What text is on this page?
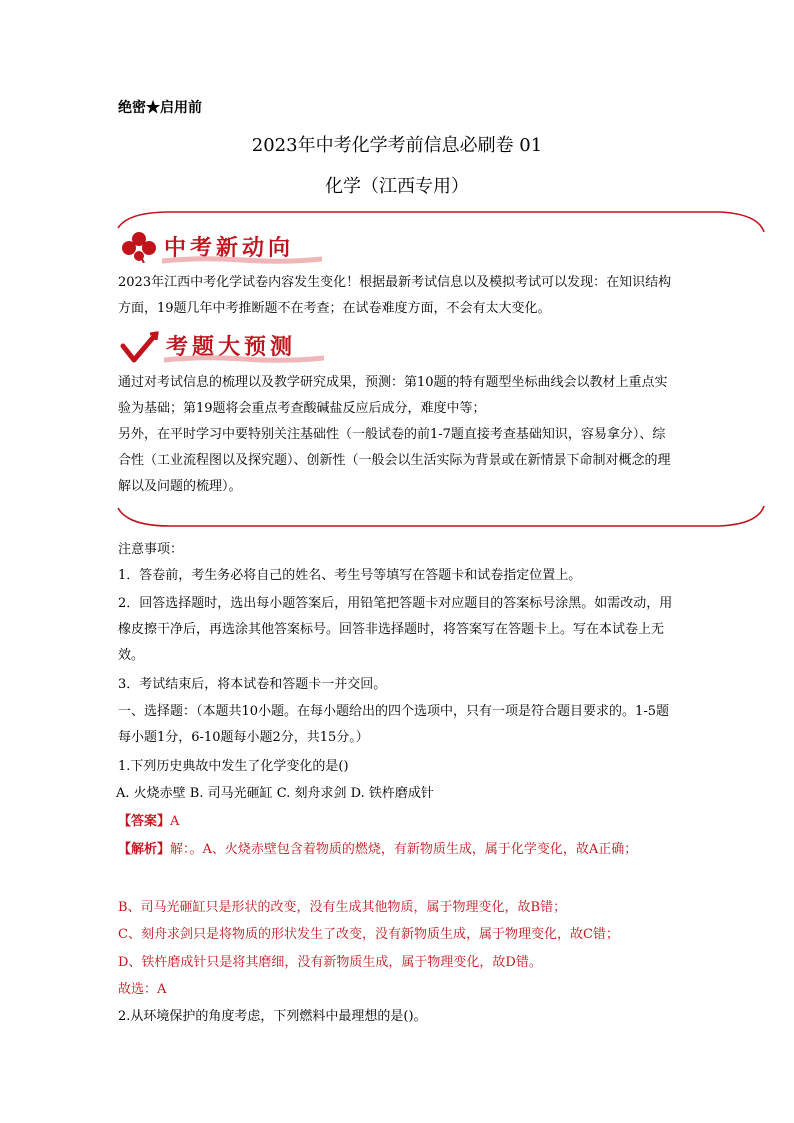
绝密★启用前
2023年中考化学考前信息必刷卷 01
化学（江西专用）
中考新动向
2023年江西中考化学试卷内容发生变化！根据最新考试信息以及模拟考试可以发现：在知识结构方面，19题几年中考推断题不在考查；在试卷难度方面，不会有太大变化。
考题大预测
通过对考试信息的梳理以及教学研究成果，预测：第10题的特有题型坐标曲线会以教材上重点实验为基础；第19题将会重点考查酸碱盐反应后成分，难度中等；
另外，在平时学习中要特别关注基础性（一般试卷的前1-7题直接考查基础知识，容易拿分）、综合性（工业流程图以及探究题）、创新性（一般会以生活实际为背景或在新情景下命制对概念的理解以及问题的梳理）。
注意事项：
1．答卷前，考生务必将自己的姓名、考生号等填写在答题卡和试卷指定位置上。
2．回答选择题时，选出每小题答案后，用铅笔把答题卡对应题目的答案标号涂黑。如需改动，用橡皮擦干净后，再选涂其他答案标号。回答非选择题时，将答案写在答题卡上。写在本试卷上无效。
3．考试结束后，将本试卷和答题卡一并交回。
一、选择题：（本题共10小题。在每小题给出的四个选项中，只有一项是符合题目要求的。1-5题每小题1分，6-10题每小题2分，共15分。）
1.下列历史典故中发生了化学变化的是()
A. 火烧赤壁 B. 司马光砸缸 C. 刻舟求剑 D. 铁杵磨成针
【答案】A
【解析】解：。A、火烧赤壁包含着物质的燃烧，有新物质生成，属于化学变化，故A正确；
B、司马光砸缸只是形状的改变，没有生成其他物质，属于物理变化，故B错；
C、刻舟求剑只是将物质的形状发生了改变，没有新物质生成，属于物理变化，故C错；
D、铁杵磨成针只是将其磨细，没有新物质生成，属于物理变化，故D错。
故选：A
2.从环境保护的角度考虑，下列燃料中最理想的是()。
